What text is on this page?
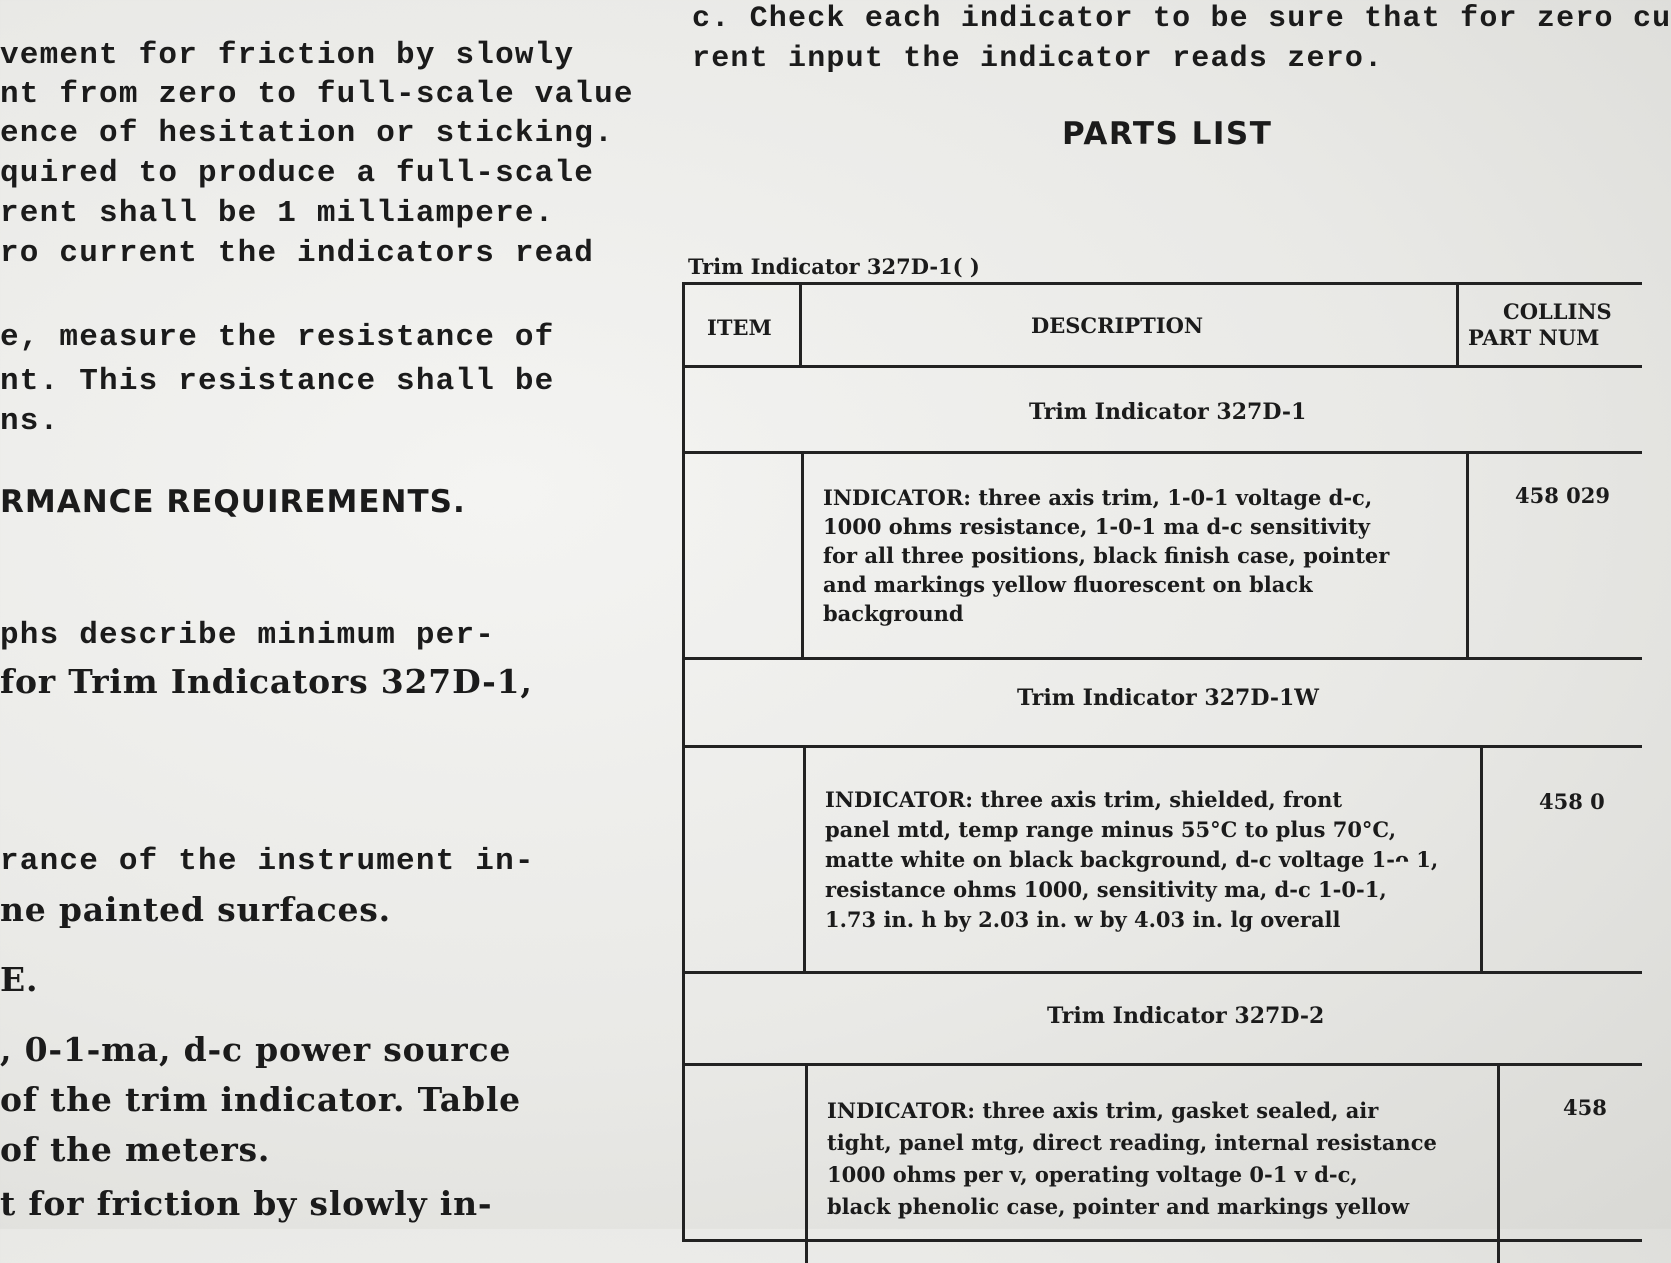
vement for friction by slowly
nt from zero to full-scale value
ence of hesitation or sticking.
quired to produce a full-scale
rent shall be 1 milliampere.
ro current the indicators read
e, measure the resistance of
nt. This resistance shall be
ns.
RMANCE REQUIREMENTS.
phs describe minimum per-
for Trim Indicators 327D-1,
rance of the instrument in-
ne painted surfaces.
E.
, 0-1-ma, d-c power source
of the trim indicator. Table
of the meters.
t for friction by slowly in-
c. Check each indicator to be sure that for zero cu
rent input the indicator reads zero.
PARTS LIST
Trim Indicator 327D-1( )
ITEM	DESCRIPTION
COLLINS
PART NUM
Trim Indicator 327D-1
INDICATOR: three axis trim, 1-0-1 voltage d-c,
1000 ohms resistance, 1-0-1 ma d-c sensitivity
for all three positions, black finish case, pointer
and markings yellow fluorescent on black
background
458 029
Trim Indicator 327D-1W
INDICATOR: three axis trim, shielded, front
panel mtd, temp range minus 55°C to plus 70°C,
matte white on black background, d-c voltage 1-ᴖ 1,
resistance ohms 1000, sensitivity ma, d-c 1-0-1,
1.73 in. h by 2.03 in. w by 4.03 in. lg overall
458 0
Trim Indicator 327D-2
INDICATOR: three axis trim, gasket sealed, air
tight, panel mtg, direct reading, internal resistance
1000 ohms per v, operating voltage 0-1 v d-c,
black phenolic case, pointer and markings yellow
458
